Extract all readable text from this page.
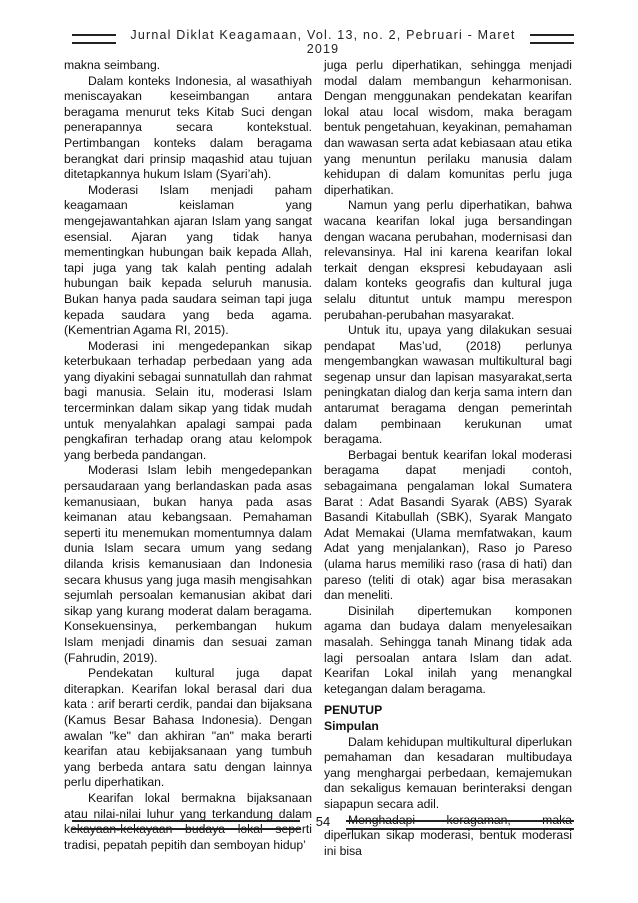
Jurnal Diklat Keagamaan, Vol. 13, no. 2, Pebruari - Maret 2019

makna seimbang.

Dalam konteks Indonesia, al wasathiyah meniscayakan keseimbangan antara beragama menurut teks Kitab Suci dengan penerapannya secara kontekstual. Pertimbangan konteks dalam beragama berangkat dari prinsip maqashid atau tujuan ditetapkannya hukum Islam (Syari’ah).

Moderasi Islam menjadi paham keagamaan keislaman yang mengejawantahkan ajaran Islam yang sangat esensial. Ajaran yang tidak hanya mementingkan hubungan baik kepada Allah, tapi juga yang tak kalah penting adalah hubungan baik kepada seluruh manusia. Bukan hanya pada saudara seiman tapi juga kepada saudara yang beda agama. (Kementrian Agama RI, 2015).

Moderasi ini mengedepankan sikap keterbukaan terhadap perbedaan yang ada yang diyakini sebagai sunnatullah dan rahmat bagi manusia. Selain itu, moderasi Islam tercerminkan dalam sikap yang tidak mudah untuk menyalahkan apalagi sampai pada pengkafiran terhadap orang atau kelompok yang berbeda pandangan.

Moderasi Islam lebih mengedepankan persaudaraan yang berlandaskan pada asas kemanusiaan, bukan hanya pada asas keimanan atau kebangsaan. Pemahaman seperti itu menemukan momentumnya dalam dunia Islam secara umum yang sedang dilanda krisis kemanusiaan dan Indonesia secara khusus yang juga masih mengisahkan sejumlah persoalan kemanusian akibat dari sikap yang kurang moderat dalam beragama. Konsekuensinya, perkembangan hukum Islam menjadi dinamis dan sesuai zaman (Fahrudin, 2019).

Pendekatan kultural juga dapat diterapkan. Kearifan lokal berasal dari dua kata : arif berarti cerdik, pandai dan bijaksana (Kamus Besar Bahasa Indonesia). Dengan awalan "ke" dan akhiran "an" maka berarti kearifan atau kebijaksanaan yang tumbuh yang berbeda antara satu dengan lainnya perlu diperhatikan.

Kearifan lokal bermakna bijaksanaan atau nilai-nilai luhur yang terkandung dalam kekayaan-kekayaan budaya lokal seperti tradisi, pepatah pepitih dan semboyan hidup’

juga perlu diperhatikan, sehingga menjadi modal dalam membangun keharmonisan. Dengan menggunakan pendekatan kearifan lokal atau local wisdom, maka beragam bentuk pengetahuan, keyakinan, pemahaman dan wawasan serta adat kebiasaan atau etika yang menuntun perilaku manusia dalam kehidupan di dalam komunitas perlu juga diperhatikan.

Namun yang perlu diperhatikan, bahwa wacana kearifan lokal juga bersandingan dengan wacana perubahan, modernisasi dan relevansinya. Hal ini karena kearifan lokal terkait dengan ekspresi kebudayaan asli dalam konteks geografis dan kultural juga selalu dituntut untuk mampu merespon perubahan-perubahan masyarakat.

Untuk itu, upaya yang dilakukan sesuai pendapat Mas’ud, (2018) perlunya mengembangkan wawasan multikultural bagi segenap unsur dan lapisan masyarakat,serta peningkatan dialog dan kerja sama intern dan antarumat beragama dengan pemerintah dalam pembinaan kerukunan umat beragama.

Berbagai bentuk kearifan lokal moderasi beragama dapat menjadi contoh, sebagaimana pengalaman lokal Sumatera Barat : Adat Basandi Syarak (ABS) Syarak Basandi Kitabullah (SBK), Syarak Mangato Adat Memakai (Ulama memfatwakan, kaum Adat yang menjalankan), Raso jo Pareso (ulama harus memiliki raso (rasa di hati) dan pareso (teliti di otak) agar bisa merasakan dan meneliti.

Disinilah dipertemukan komponen agama dan budaya dalam menyelesaikan masalah. Sehingga tanah Minang tidak ada lagi persoalan antara Islam dan adat. Kearifan Lokal inilah yang menangkal ketegangan dalam beragama.

PENUTUP
Simpulan

Dalam kehidupan multikultural diperlukan pemahaman dan kesadaran multibudaya yang menghargai perbedaan, kemajemukan dan sekaligus kemauan berinteraksi dengan siapapun secara adil.

Menghadapi keragaman, maka diperlukan sikap moderasi, bentuk moderasi ini bisa

54
